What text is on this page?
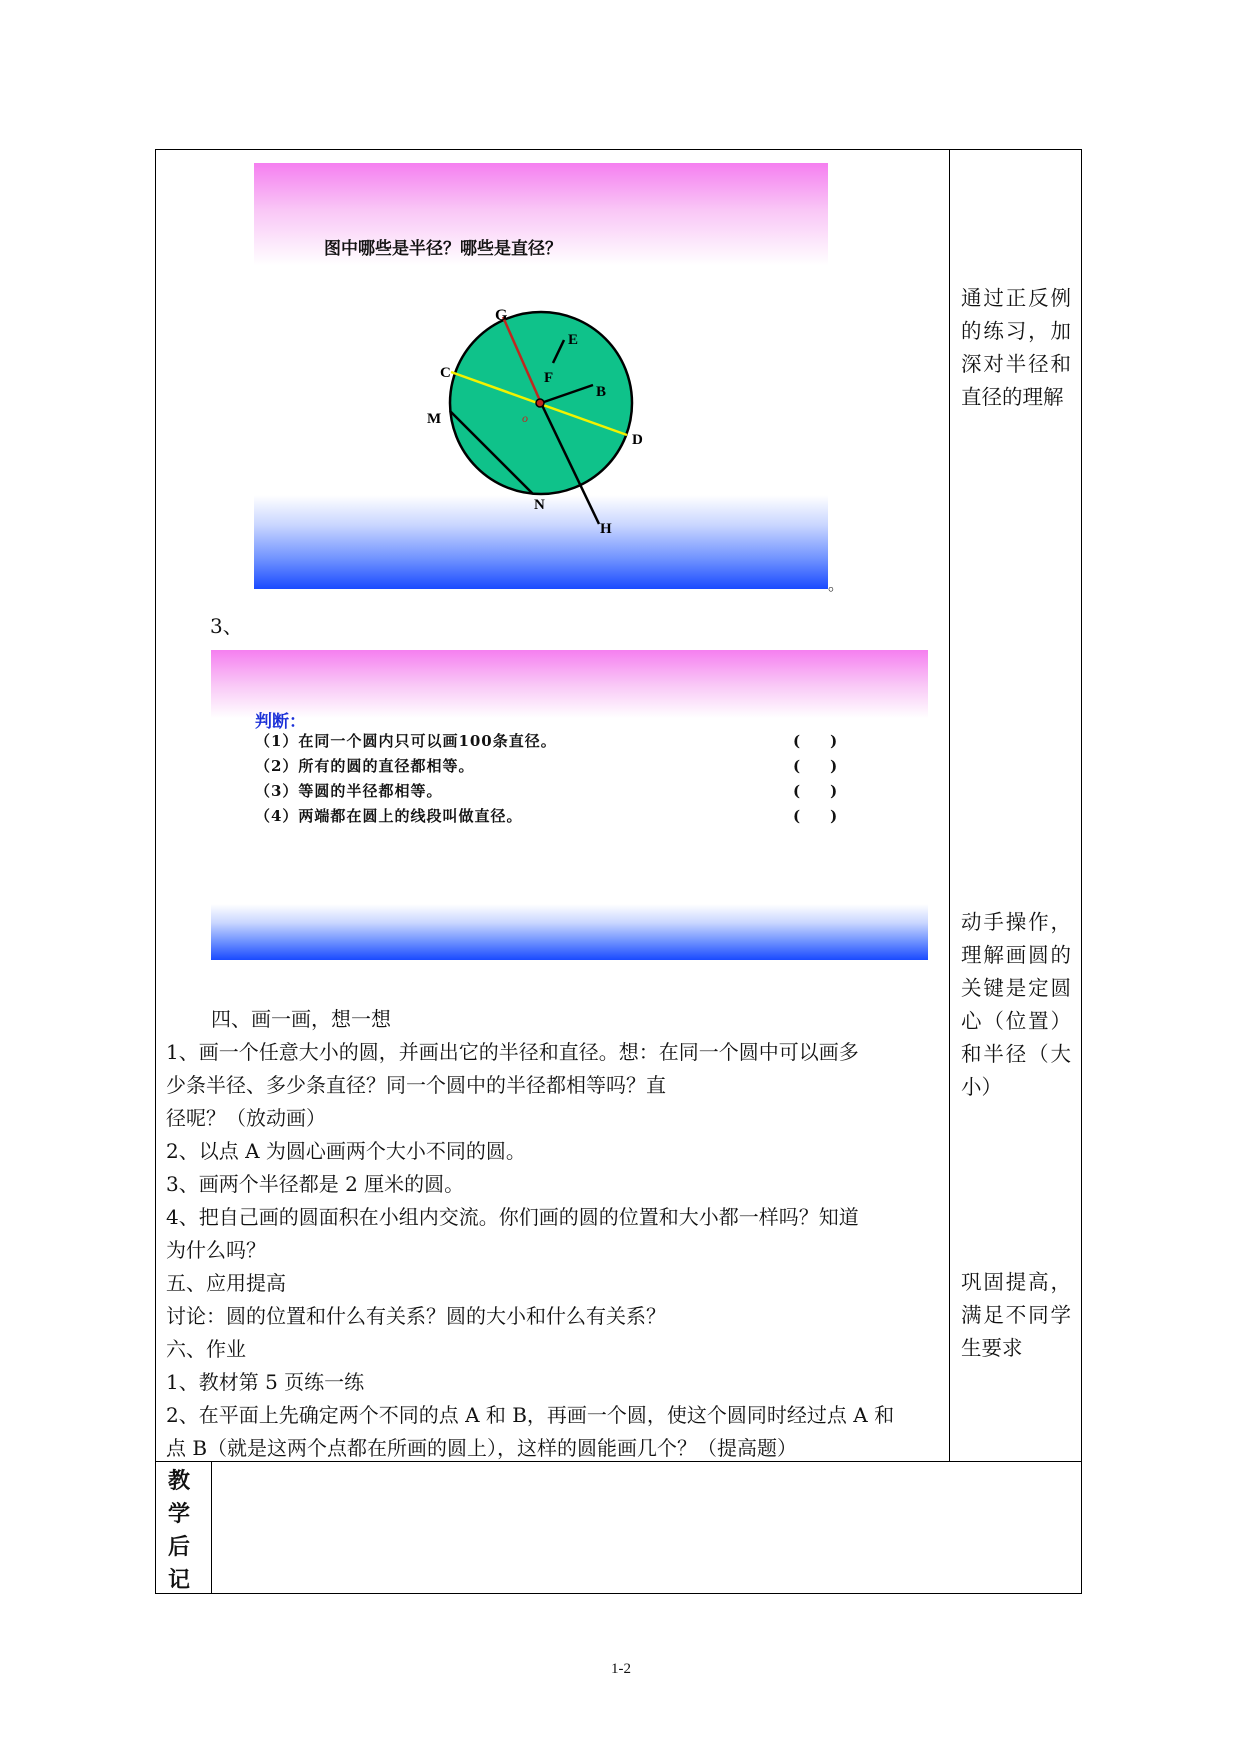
图中哪些是半径？哪些是直径？
G
E
F
C
B
M
D
N
H
o
。
3、
判断：
（1）在同一个圆内只可以画100条直径。
（2）所有的圆的直径都相等。
（3）等圆的半径都相等。
（4）两端都在圆上的线段叫做直径。
(　　)
(　　)
(　　)
(　　)
四、画一画，想一想
1、画一个任意大小的圆，并画出它的半径和直径。想：在同一个圆中可以画多
少条半径、多少条直径？同一个圆中的半径都相等吗？直
径呢？（放动画）
2、以点 A 为圆心画两个大小不同的圆。
3、画两个半径都是 2 厘米的圆。
4、把自己画的圆面积在小组内交流。你们画的圆的位置和大小都一样吗？知道
为什么吗？
五、应用提高
讨论：圆的位置和什么有关系？圆的大小和什么有关系？
六、作业
1、教材第 5 页练一练
2、在平面上先确定两个不同的点 A 和 B，再画一个圆，使这个圆同时经过点 A 和
点 B（就是这两个点都在所画的圆上），这样的圆能画几个？（提高题）
通过正反例的练习，加深对半径和直径的理解
动手操作，理解画圆的关键是定圆心（位置）和半径（大小）
巩固提高，满足不同学生要求
教
学
后
记
1-2
